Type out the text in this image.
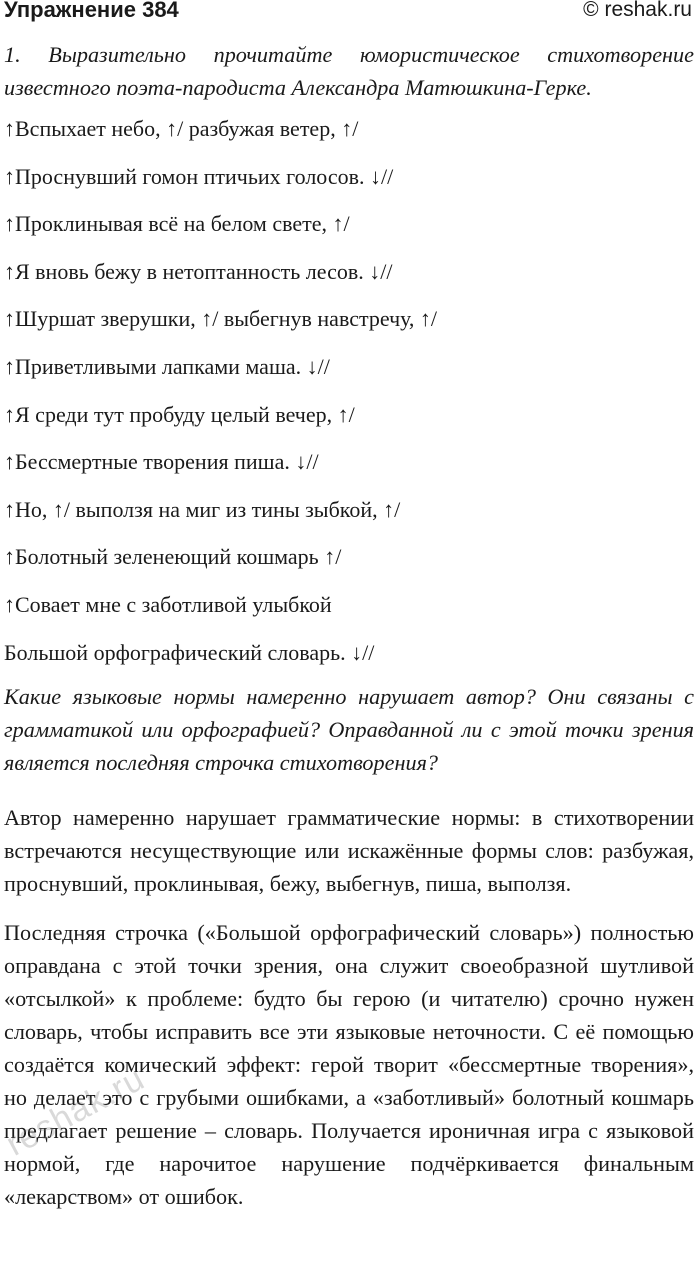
Упражнение 384	© reshak.ru

1. Выразительно прочитайте юмористическое стихотворение известного поэта-пародиста Александра Матюшкина-Герке.

↑Вспыхает небо, ↑/ разбужая ветер, ↑/
↑Проснувший гомон птичьих голосов. ↓//
↑Проклинывая всё на белом свете, ↑/
↑Я вновь бежу в нетоптанность лесов. ↓//
↑Шуршат зверушки, ↑/ выбегнув навстречу, ↑/
↑Приветливыми лапками маша. ↓//
↑Я среди тут пробуду целый вечер, ↑/
↑Бессмертные творения пиша. ↓//
↑Но, ↑/ выползя на миг из тины зыбкой, ↑/
↑Болотный зеленеющий кошмарь ↑/
↑Совает мне с заботливой улыбкой
Большой орфографический словарь. ↓//

Какие языковые нормы намеренно нарушает автор? Они связаны с грамматикой или орфографией? Оправданной ли с этой точки зрения является последняя строчка стихотворения?

Автор намеренно нарушает грамматические нормы: в стихотворении встречаются несуществующие или искажённые формы слов: разбужая, проснувший, проклинывая, бежу, выбегнув, пиша, выползя.

Последняя строчка («Большой орфографический словарь») полностью оправдана с этой точки зрения, она служит своеобразной шутливой «отсылкой» к проблеме: будто бы герою (и читателю) срочно нужен словарь, чтобы исправить все эти языковые неточности. С её помощью создаётся комический эффект: герой творит «бессмертные творения», но делает это с грубыми ошибками, а «заботливый» болотный кошмарь предлагает решение – словарь. Получается ироничная игра с языковой нормой, где нарочитое нарушение подчёркивается финальным «лекарством» от ошибок.

reshak.ru
